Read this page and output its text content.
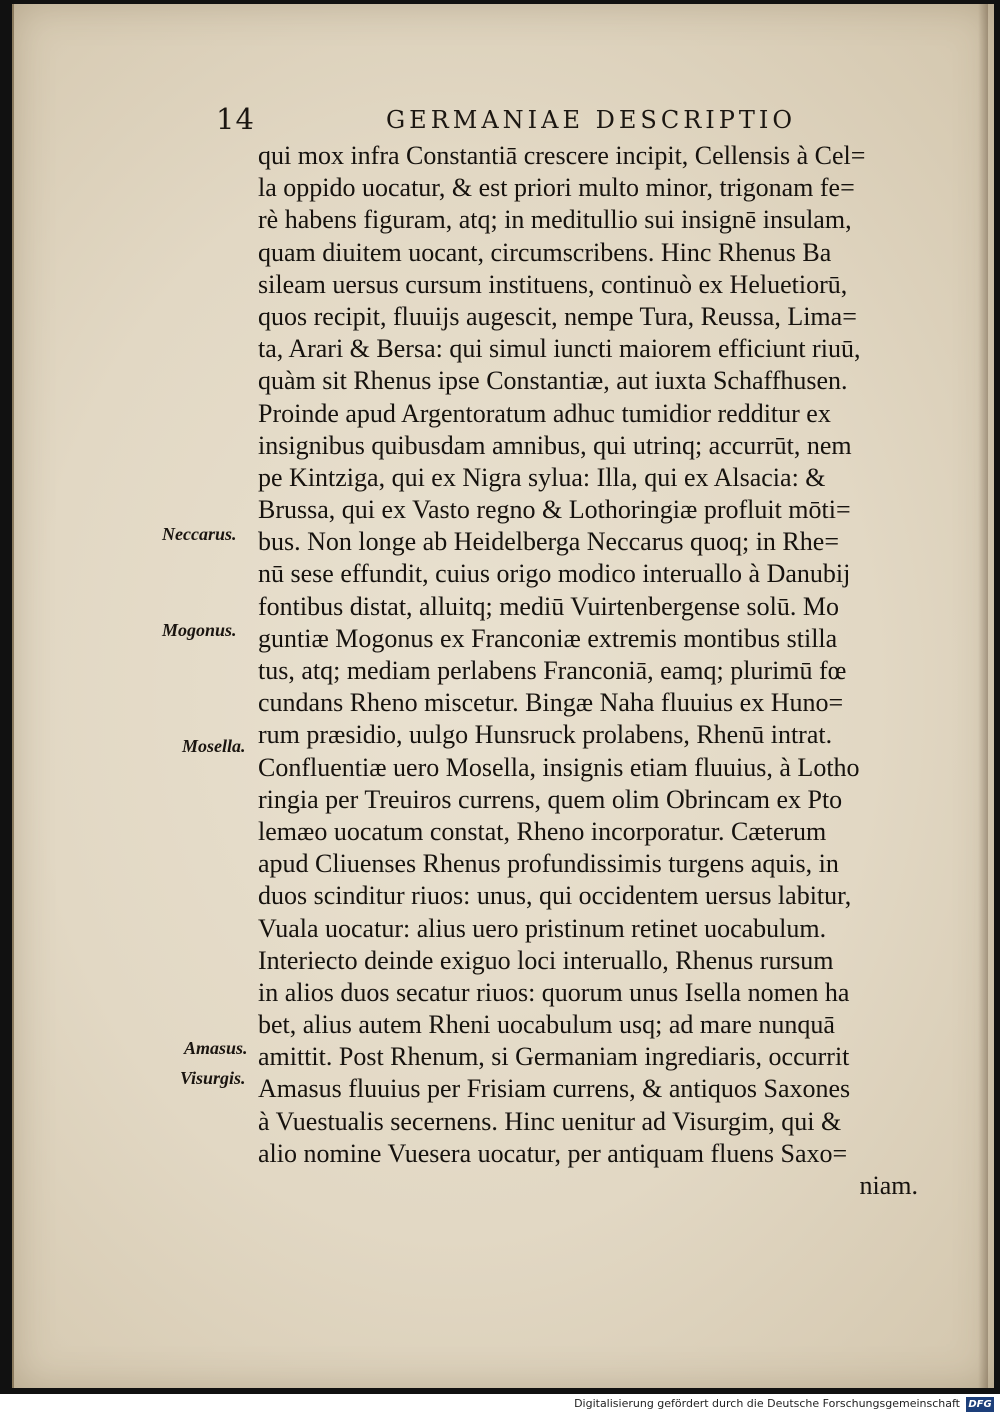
14	GERMANIAE DESCRIPTIO
qui mox infra Constantiā crescere incipit, Cellensis à Cel=
la oppido uocatur, & est priori multo minor, trigonam fe=
rè habens figuram, atq; in meditullio sui insignē insulam,
quam diuitem uocant, circumscribens. Hinc Rhenus Ba
sileam uersus cursum instituens, continuò ex Heluetiorū,
quos recipit, fluuijs augescit, nempe Tura, Reussa, Lima=
ta, Arari & Bersa: qui simul iuncti maiorem efficiunt riuū,
quàm sit Rhenus ipse Constantiæ, aut iuxta Schaffhusen.
Proinde apud Argentoratum adhuc tumidior redditur ex
insignibus quibusdam amnibus, qui utrinq; accurrūt, nem
pe Kintziga, qui ex Nigra sylua: Illa, qui ex Alsacia: &
Brussa, qui ex Vasto regno & Lothoringiæ profluit mōti=
bus. Non longe ab Heidelberga Neccarus quoq; in Rhe=
nū sese effundit, cuius origo modico interuallo à Danubij
fontibus distat, alluitq; mediū Vuirtenbergense solū. Mo
guntiæ Mogonus ex Franconiæ extremis montibus stilla
tus, atq; mediam perlabens Franconiā, eamq; plurimū fœ
cundans Rheno miscetur. Bingæ Naha fluuius ex Huno=
rum præsidio, uulgo Hunsruck prolabens, Rhenū intrat.
Confluentiæ uero Mosella, insignis etiam fluuius, à Lotho
ringia per Treuiros currens, quem olim Obrincam ex Pto
lemæo uocatum constat, Rheno incorporatur. Cæterum
apud Cliuenses Rhenus profundissimis turgens aquis, in
duos scinditur riuos: unus, qui occidentem uersus labitur,
Vuala uocatur: alius uero pristinum retinet uocabulum.
Interiecto deinde exiguo loci interuallo, Rhenus rursum
in alios duos secatur riuos: quorum unus Isella nomen ha
bet, alius autem Rheni uocabulum usq; ad mare nunquā
amittit. Post Rhenum, si Germaniam ingrediaris, occurrit
Amasus fluuius per Frisiam currens, & antiquos Saxones
à Vuestualis secernens. Hinc uenitur ad Visurgim, qui &
alio nomine Vuesera uocatur, per antiquam fluens Saxo=
niam.
Neccarus.
Mogonus.
Mosella.
Amasus.
Visurgis.
Digitalisierung gefördert durch die Deutsche Forschungsgemeinschaft DFG
